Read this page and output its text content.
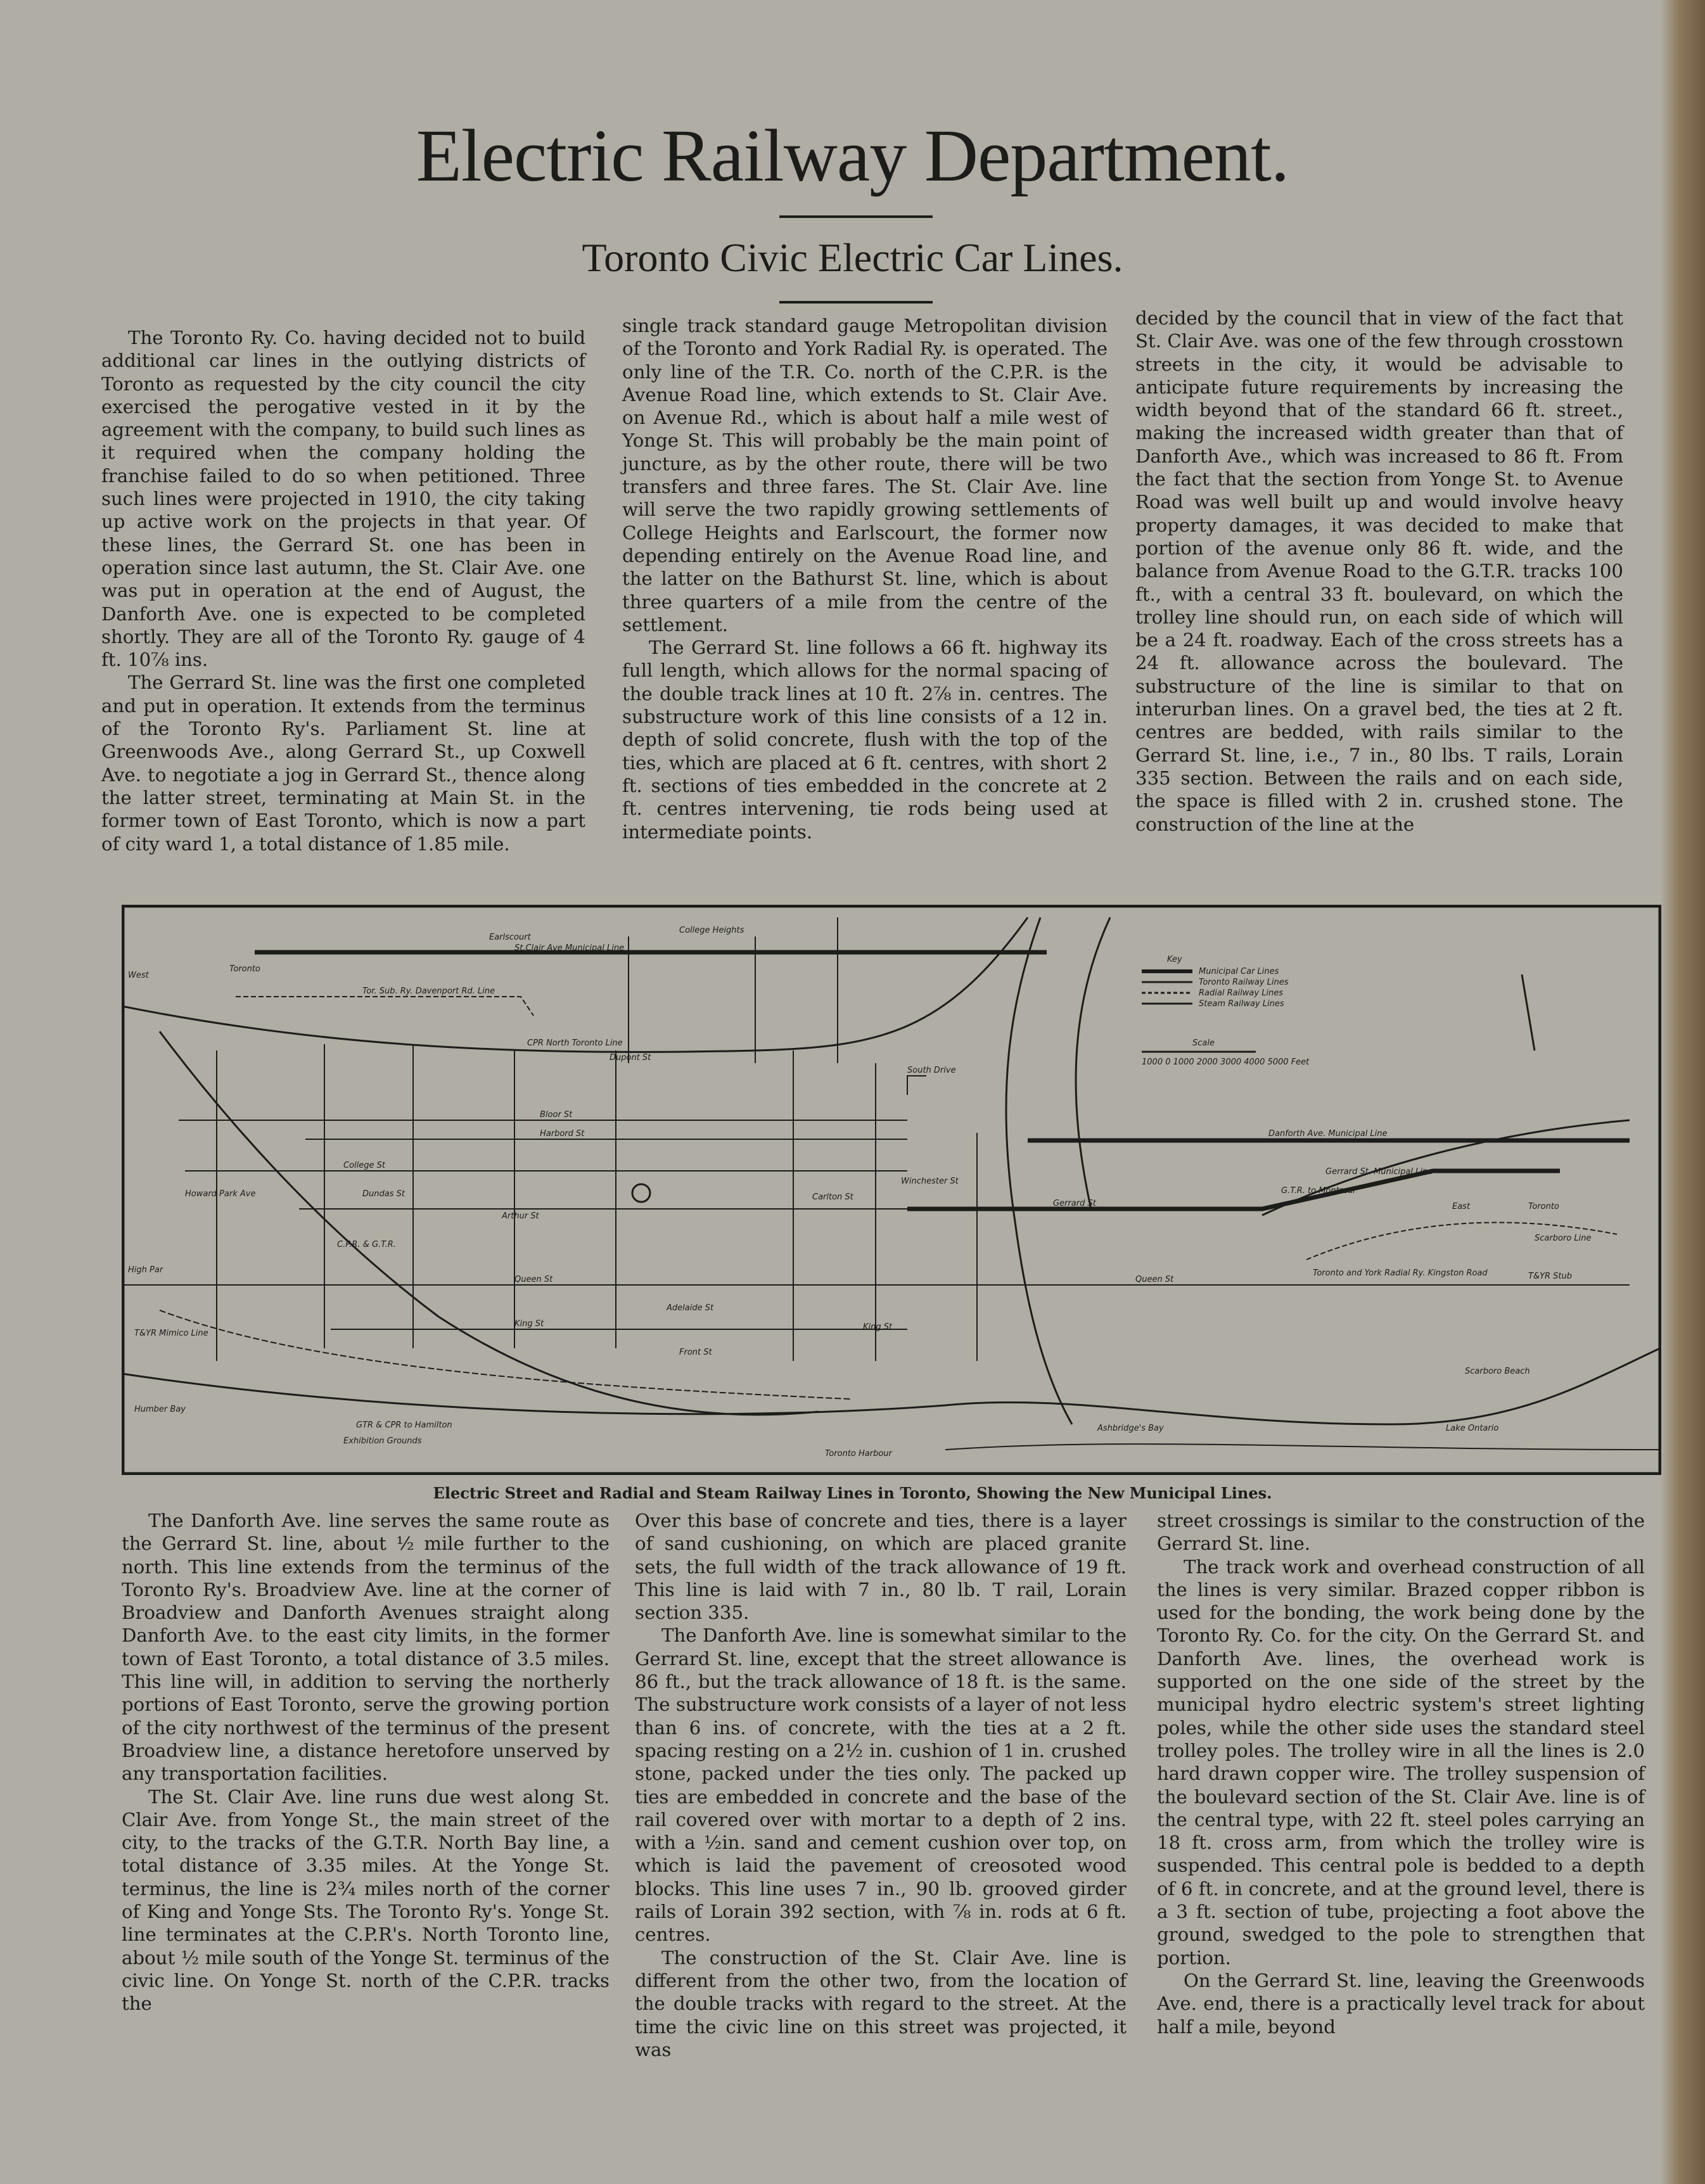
Electric Railway Department.
Toronto Civic Electric Car Lines.

The Toronto Ry. Co. having decided not to build additional car lines in the outlying districts of Toronto as requested by the city council the city exercised the perogative vested in it by the agreement with the company, to build such lines as it required when the company holding the franchise failed to do so when petitioned. Three such lines were projected in 1910, the city taking up active work on the projects in that year. Of these lines, the Gerrard St. one has been in operation since last autumn, the St. Clair Ave. one was put in operation at the end of August, the Danforth Ave. one is expected to be completed shortly. They are all of the Toronto Ry. gauge of 4 ft. 10⅞ ins.

The Gerrard St. line was the first one completed and put in operation. It extends from the terminus of the Toronto Ry's. Parliament St. line at Greenwoods Ave., along Gerrard St., up Coxwell Ave. to negotiate a jog in Gerrard St., thence along the latter street, terminating at Main St. in the former town of East Toronto, which is now a part of city ward 1, a total distance of 1.85 mile.

single track standard gauge Metropolitan division of the Toronto and York Radial Ry. is operated. The only line of the T.R. Co. north of the C.P.R. is the Avenue Road line, which extends to St. Clair Ave. on Avenue Rd., which is about half a mile west of Yonge St. This will probably be the main point of juncture, as by the other route, there will be two transfers and three fares. The St. Clair Ave. line will serve the two rapidly growing settlements of College Heights and Earlscourt, the former now depending entirely on the Avenue Road line, and the latter on the Bathurst St. line, which is about three quarters of a mile from the centre of the settlement.

The Gerrard St. line follows a 66 ft. highway its full length, which allows for the normal spacing of the double track lines at 10 ft. 2⅞ in. centres. The substructure work of this line consists of a 12 in. depth of solid concrete, flush with the top of the ties, which are placed at 6 ft. centres, with short 2 ft. sections of ties embedded in the concrete at 2 ft. centres intervening, tie rods being used at intermediate points.

decided by the council that in view of the fact that St. Clair Ave. was one of the few through crosstown streets in the city, it would be advisable to anticipate future requirements by increasing the width beyond that of the standard 66 ft. street., making the increased width greater than that of Danforth Ave., which was increased to 86 ft. From the fact that the section from Yonge St. to Avenue Road was well built up and would involve heavy property damages, it was decided to make that portion of the avenue only 86 ft. wide, and the balance from Avenue Road to the G.T.R. tracks 100 ft., with a central 33 ft. boulevard, on which the trolley line should run, on each side of which will be a 24 ft. roadway. Each of the cross streets has a 24 ft. allowance across the boulevard. The substructure of the line is similar to that on interurban lines. On a gravel bed, the ties at 2 ft. centres are bedded, with rails similar to the Gerrard St. line, i.e., 7 in., 80 lbs. T rails, Lorain 335 section. Between the rails and on each side, the space is filled with 2 in. crushed stone. The construction of the line at the

Earlscourt
St.Clair Ave Municipal Line
College Heights
West
Toronto
Tor. Sub. Ry. Davenport Rd. Line
CPR North Toronto Line
Dupont St
South Drive
Key
Municipal Car Lines
Toronto Railway Lines
Radial Railway Lines
Steam Railway Lines
Scale
1000 0 1000 2000 3000 4000 5000 Feet
Bloor St
Harbord St
College St
Dundas St
Arthur St
Queen St
King St
Adelaide St
Front St
Carlton St
Winchester St
Gerrard St
Queen St
King St
Danforth Ave. Municipal Line
Gerrard St. Municipal Line
G.T.R. to Montreal
East	Toronto
Scarboro Line
Toronto and York Radial Ry. Kingston Road	T&YR Stub
Scarboro Beach
Lake Ontario
Ashbridge's Bay
Toronto Harbour
Humber Bay
Exhibition Grounds
GTR & CPR to Hamilton
High Par
Howard Park Ave
T&YR Mimico Line
C.P.R. & G.T.R.
Electric Street and Radial and Steam Railway Lines in Toronto, Showing the New Municipal Lines.

The Danforth Ave. line serves the same route as the Gerrard St. line, about ½ mile further to the north. This line extends from the terminus of the Toronto Ry's. Broadview Ave. line at the corner of Broadview and Danforth Avenues straight along Danforth Ave. to the east city limits, in the former town of East Toronto, a total distance of 3.5 miles. This line will, in addition to serving the northerly portions of East Toronto, serve the growing portion of the city northwest of the terminus of the present Broadview line, a distance heretofore unserved by any transportation facilities.

The St. Clair Ave. line runs due west along St. Clair Ave. from Yonge St., the main street of the city, to the tracks of the G.T.R. North Bay line, a total distance of 3.35 miles. At the Yonge St. terminus, the line is 2¾ miles north of the corner of King and Yonge Sts. The Toronto Ry's. Yonge St. line terminates at the C.P.R's. North Toronto line, about ½ mile south of the Yonge St. terminus of the civic line. On Yonge St. north of the C.P.R. tracks the

Over this base of concrete and ties, there is a layer of sand cushioning, on which are placed granite sets, the full width of the track allowance of 19 ft. This line is laid with 7 in., 80 lb. T rail, Lorain section 335.

The Danforth Ave. line is somewhat similar to the Gerrard St. line, except that the street allowance is 86 ft., but the track allowance of 18 ft. is the same. The substructure work consists of a layer of not less than 6 ins. of concrete, with the ties at a 2 ft. spacing resting on a 2½ in. cushion of 1 in. crushed stone, packed under the ties only. The packed up ties are embedded in concrete and the base of the rail covered over with mortar to a depth of 2 ins. with a ½in. sand and cement cushion over top, on which is laid the pavement of creosoted wood blocks. This line uses 7 in., 90 lb. grooved girder rails of Lorain 392 section, with ⅞ in. rods at 6 ft. centres.

The construction of the St. Clair Ave. line is different from the other two, from the location of the double tracks with regard to the street. At the time the civic line on this street was projected, it was

street crossings is similar to the construction of the Gerrard St. line.

The track work and overhead construction of all the lines is very similar. Brazed copper ribbon is used for the bonding, the work being done by the Toronto Ry. Co. for the city. On the Gerrard St. and Danforth Ave. lines, the overhead work is supported on the one side of the street by the municipal hydro electric system's street lighting poles, while the other side uses the standard steel trolley poles. The trolley wire in all the lines is 2.0 hard drawn copper wire. The trolley suspension of the boulevard section of the St. Clair Ave. line is of the central type, with 22 ft. steel poles carrying an 18 ft. cross arm, from which the trolley wire is suspended. This central pole is bedded to a depth of 6 ft. in concrete, and at the ground level, there is a 3 ft. section of tube, projecting a foot above the ground, swedged to the pole to strengthen that portion.

On the Gerrard St. line, leaving the Greenwoods Ave. end, there is a practically level track for about half a mile, beyond
